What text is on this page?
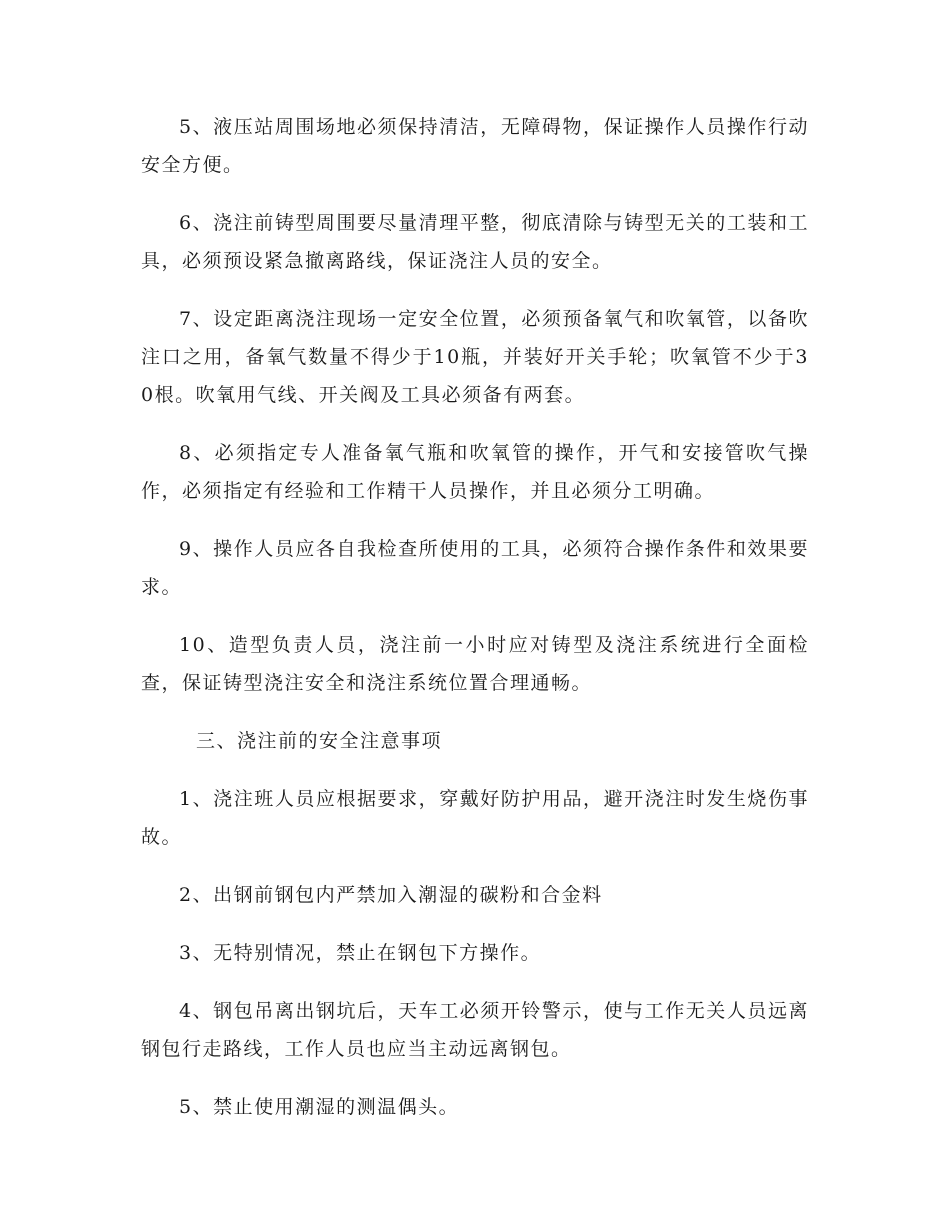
5、液压站周围场地必须保持清洁，无障碍物，保证操作人员操作行动安全方便。

6、浇注前铸型周围要尽量清理平整，彻底清除与铸型无关的工装和工具，必须预设紧急撤离路线，保证浇注人员的安全。

7、设定距离浇注现场一定安全位置，必须预备氧气和吹氧管，以备吹注口之用，备氧气数量不得少于10瓶，并装好开关手轮；吹氧管不少于30根。吹氧用气线、开关阀及工具必须备有两套。

8、必须指定专人准备氧气瓶和吹氧管的操作，开气和安接管吹气操作，必须指定有经验和工作精干人员操作，并且必须分工明确。

9、操作人员应各自我检查所使用的工具，必须符合操作条件和效果要求。

10、造型负责人员，浇注前一小时应对铸型及浇注系统进行全面检查，保证铸型浇注安全和浇注系统位置合理通畅。

三、浇注前的安全注意事项

1、浇注班人员应根据要求，穿戴好防护用品，避开浇注时发生烧伤事故。

2、出钢前钢包内严禁加入潮湿的碳粉和合金料

3、无特别情况，禁止在钢包下方操作。

4、钢包吊离出钢坑后，天车工必须开铃警示，使与工作无关人员远离钢包行走路线，工作人员也应当主动远离钢包。

5、禁止使用潮湿的测温偶头。
